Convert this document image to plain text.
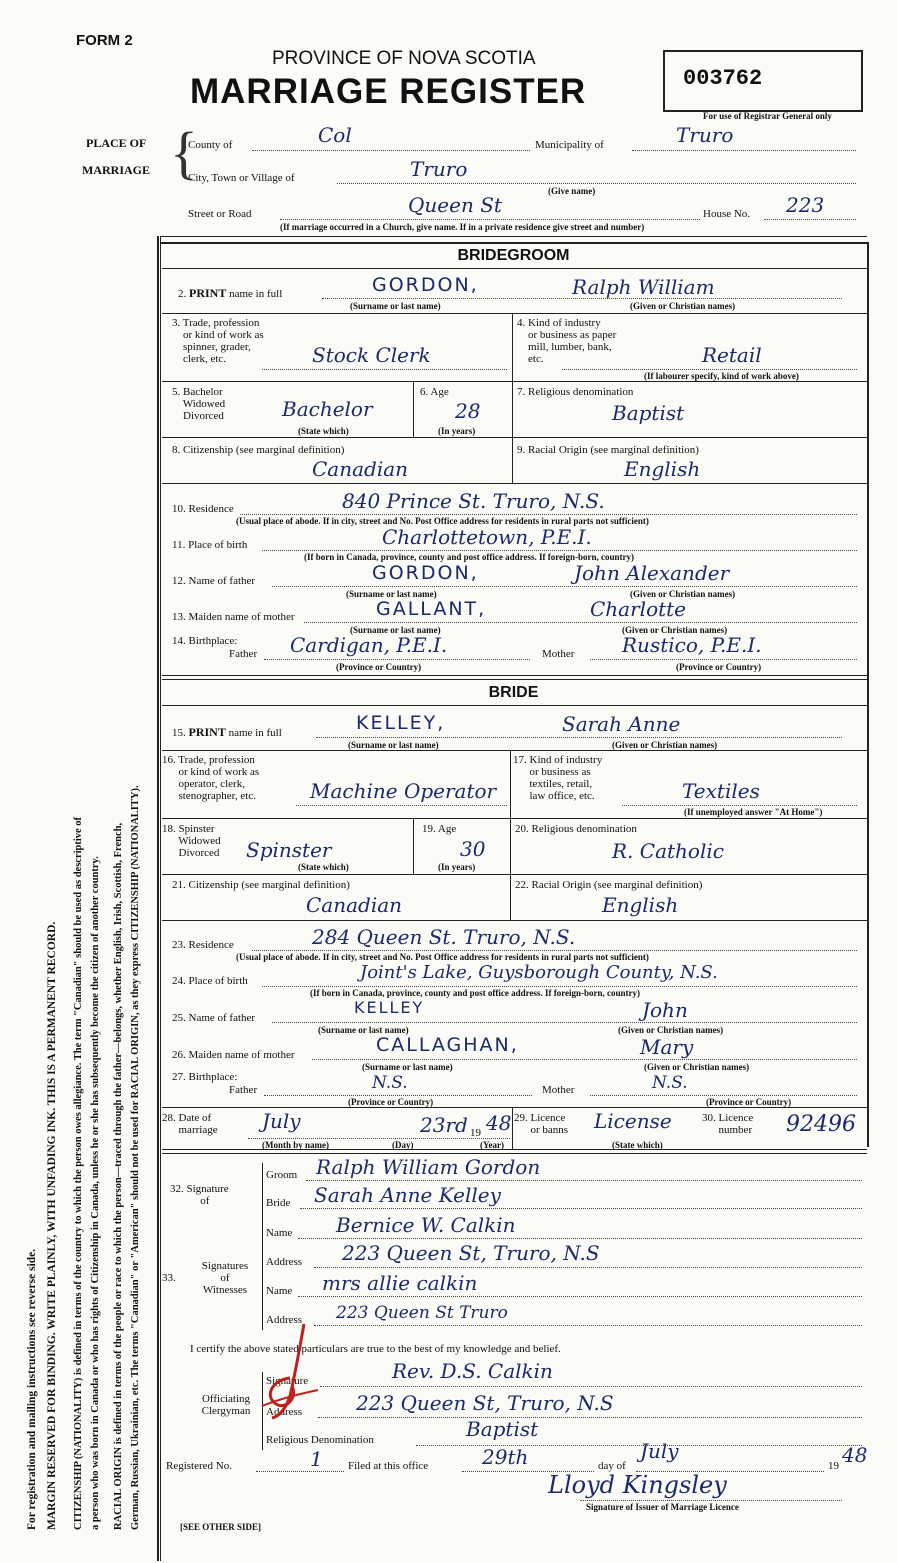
FORM 2
PROVINCE OF NOVA SCOTIA
MARRIAGE REGISTER	003762
For use of Registrar General only
PLACE OF
MARRIAGE {
County of	Col	Municipality of	Truro
City, Town or Village of	Truro
(Give name)
Street or Road	Queen St	House No. 223
(If marriage occurred in a Church, give name. If in a private residence give street and number)
For registration and mailing instructions see reverse side. MARGIN RESERVED FOR BINDING. WRITE PLAINLY, WITH UNFADING INK. THIS IS A PERMANENT RECORD. CITIZENSHIP (NATIONALITY) is defined in terms of the country to which the person owes allegiance. The term "Canadian" should be used as descriptive of a person who was born in Canada or who has rights of Citizenship in Canada, unless he or she has subsequently become the citizen of another country. RACIAL ORIGIN is defined in terms of the people or race to which the person—traced through the father—belongs, whether English, Irish, Scottish, French, German, Russian, Ukrainian, etc. The terms "Canadian" or "American" should not be used for RACIAL ORIGIN, as they express CITIZENSHIP (NATIONALITY).
BRIDEGROOM
2. PRINT name in full	GORDON,	Ralph William
(Surname or last name)	(Given or Christian names)
3. Trade, profession
or kind of work as
spinner, grader,
clerk, etc.	Stock Clerk
4. Kind of industry
or business as paper
mill, lumber, bank,
etc.	Retail
(If labourer specify, kind of work above)
5. Bachelor
Widowed
Divorced	Bachelor
(State which)
6. Age
28
(In years)
7. Religious denomination
Baptist
8. Citizenship (see marginal definition)
Canadian
9. Racial Origin (see marginal definition)
English
10. Residence	840 Prince St. Truro, N.S.
(Usual place of abode. If in city, street and No. Post Office address for residents in rural parts not sufficient)
11. Place of birth	Charlottetown, P.E.I.
(If born in Canada, province, county and post office address. If foreign-born, country)
12. Name of father	GORDON,	John Alexander
(Surname or last name)	(Given or Christian names)
13. Maiden name of mother	GALLANT,	Charlotte
(Surname or last name)	(Given or Christian names)
14. Birthplace:
Father Cardigan, P.E.I.
(Province or Country)
Mother Rustico, P.E.I.
(Province or Country)
BRIDE
15. PRINT name in full	KELLEY,	Sarah Anne
(Surname or last name)	(Given or Christian names)
16. Trade, profession
or kind of work as
operator, clerk,
stenographer, etc.	Machine Operator
17. Kind of industry
or business as
textiles, retail,
law office, etc.	Textiles
(If unemployed answer "At Home")
18. Spinster
Widowed
Divorced Spinster
(State which)
19. Age
30
(In years)
20. Religious denomination
R. Catholic
21. Citizenship (see marginal definition)
Canadian
22. Racial Origin (see marginal definition)
English
23. Residence	284 Queen St. Truro, N.S.
(Usual place of abode. If in city, street and No. Post Office address for residents in rural parts not sufficient)
24. Place of birth	Joint's Lake, Guysborough County, N.S.
(If born in Canada, province, county and post office address. If foreign-born, country)
25. Name of father
KELLEY	John
(Surname or last name)	(Given or Christian names)
26. Maiden name of mother	CALLAGHAN,	Mary
(Surname or last name)	(Given or Christian names)
27. Birthplace:
Father	N.S.
(Province or Country)
Mother	N.S.
(Province or Country)
28. Date of
marriage July	23rd 19 48
(Month by name)	(Day)	(Year)
29. Licence
or banns License
(State which)
30. Licence
number 92496
32. Signature
of
Groom Ralph William Gordon
Bride Sarah Anne Kelley
33.
Signatures
of
Witnesses
Name Bernice W. Calkin
Address 223 Queen St, Truro, N.S
Name mrs allie calkin
Address 223 Queen St Truro
I certify the above stated particulars are true to the best of my knowledge and belief.
Officiating
Clergyman
Signature	Rev. D.S. Calkin
Address	223 Queen St, Truro, N.S
Religious Denomination	Baptist
Registered No.	1 Filed at this office	29th	day of
July
19 48
Lloyd Kingsley
Signature of Issuer of Marriage Licence
[SEE OTHER SIDE]
